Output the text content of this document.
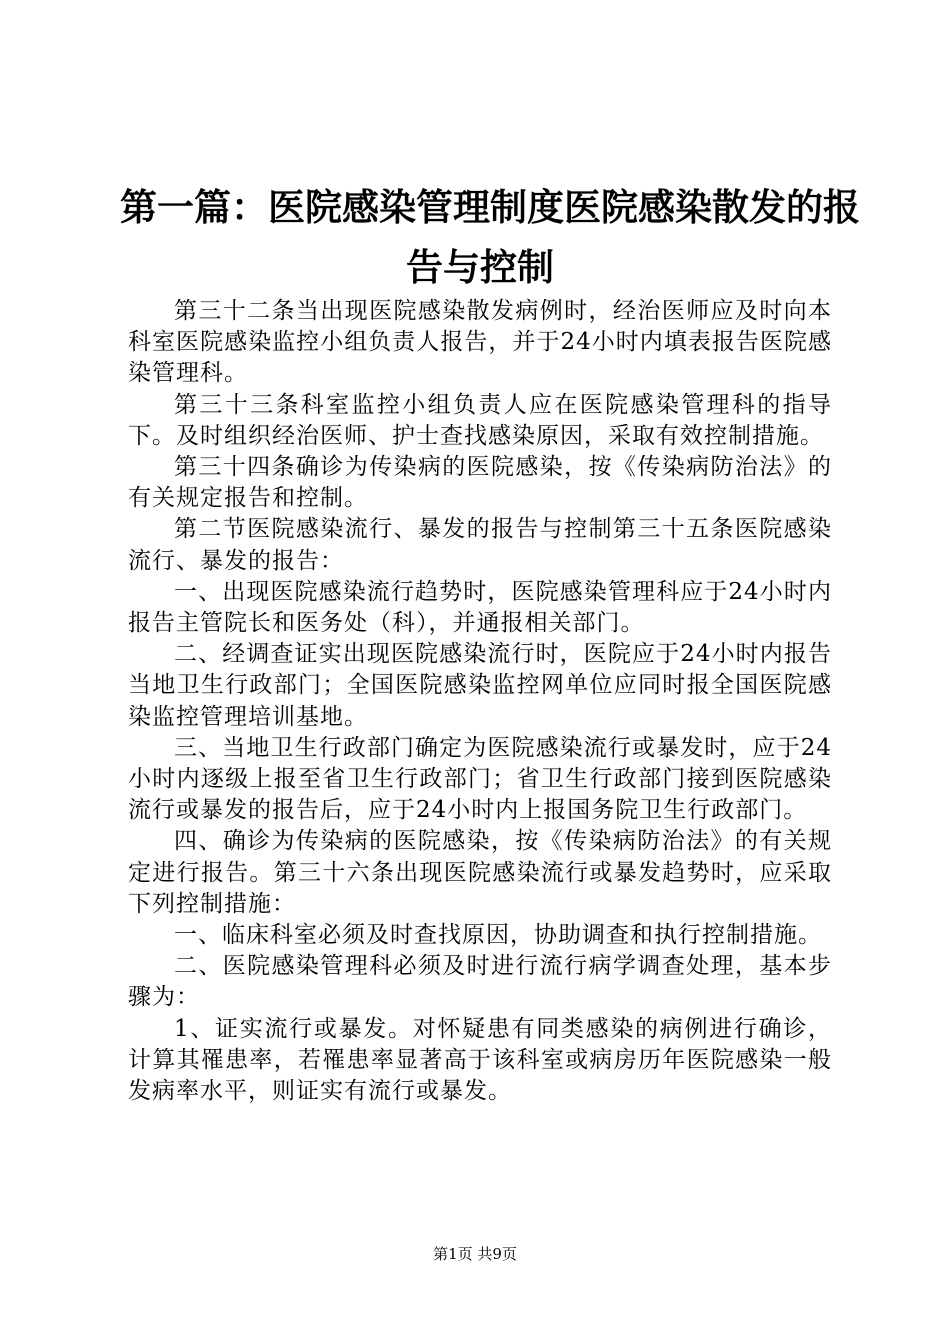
第一篇：医院感染管理制度医院感染散发的报
告与控制

第三十二条当出现医院感染散发病例时，经治医师应及时向本科室医院感染监控小组负责人报告，并于24小时内填表报告医院感染管理科。

第三十三条科室监控小组负责人应在医院感染管理科的指导下。及时组织经治医师、护士查找感染原因，采取有效控制措施。

第三十四条确诊为传染病的医院感染，按《传染病防治法》的有关规定报告和控制。

第二节医院感染流行、暴发的报告与控制第三十五条医院感染流行、暴发的报告：

一、出现医院感染流行趋势时，医院感染管理科应于24小时内报告主管院长和医务处（科），并通报相关部门。

二、经调查证实出现医院感染流行时，医院应于24小时内报告当地卫生行政部门；全国医院感染监控网单位应同时报全国医院感染监控管理培训基地。

三、当地卫生行政部门确定为医院感染流行或暴发时，应于24小时内逐级上报至省卫生行政部门；省卫生行政部门接到医院感染流行或暴发的报告后，应于24小时内上报国务院卫生行政部门。

四、确诊为传染病的医院感染，按《传染病防治法》的有关规定进行报告。第三十六条出现医院感染流行或暴发趋势时，应采取下列控制措施：

一、临床科室必须及时查找原因，协助调查和执行控制措施。

二、医院感染管理科必须及时进行流行病学调查处理，基本步骤为：

1、证实流行或暴发。对怀疑患有同类感染的病例进行确诊，计算其罹患率，若罹患率显著高于该科室或病房历年医院感染一般发病率水平，则证实有流行或暴发。

第1页 共9页
